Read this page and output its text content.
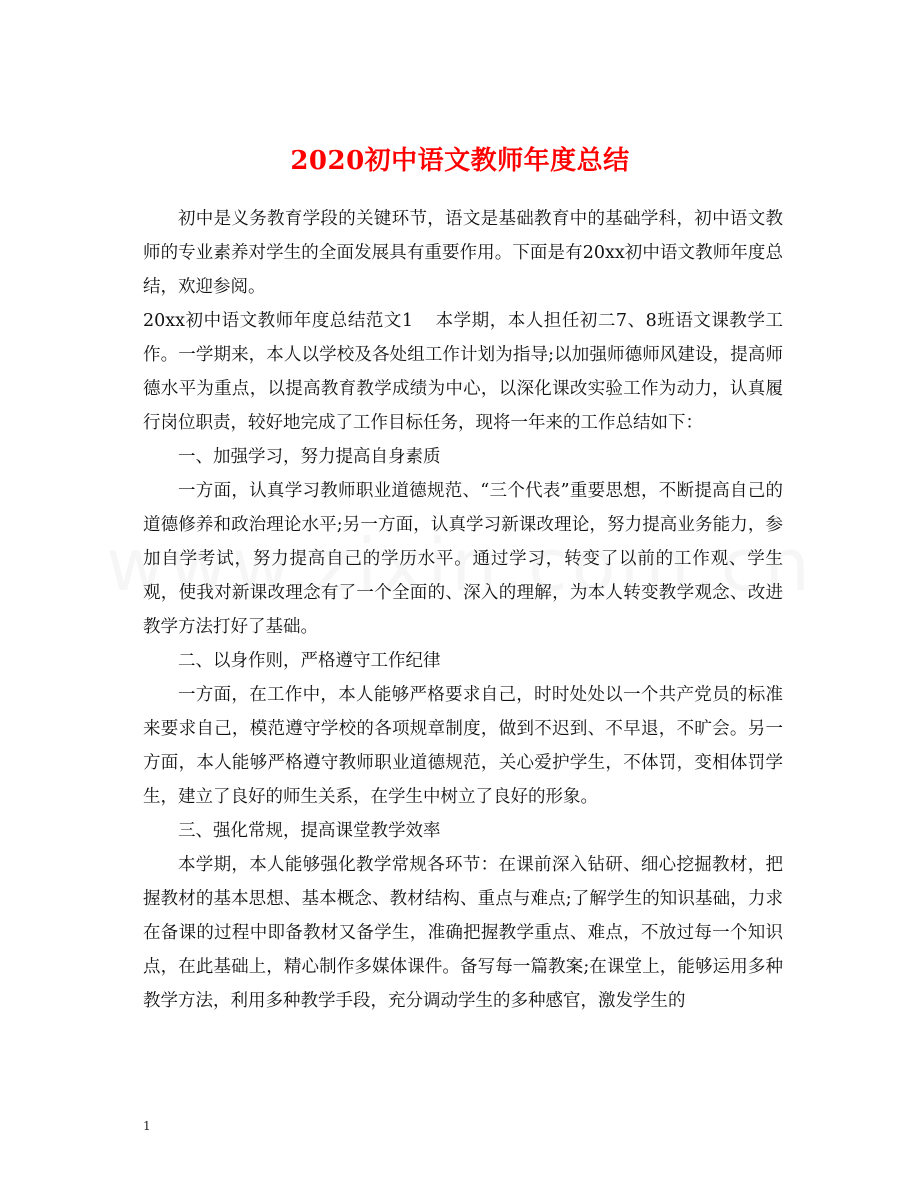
2020初中语文教师年度总结

初中是义务教育学段的关键环节，语文是基础教育中的基础学科，初中语文教师的专业素养对学生的全面发展具有重要作用。下面是有20xx初中语文教师年度总结，欢迎参阅。

20xx初中语文教师年度总结范文1 本学期，本人担任初二7、8班语文课教学工作。一学期来，本人以学校及各处组工作计划为指导;以加强师德师风建设，提高师德水平为重点，以提高教育教学成绩为中心，以深化课改实验工作为动力，认真履行岗位职责，较好地完成了工作目标任务，现将一年来的工作总结如下：

一、加强学习，努力提高自身素质

一方面，认真学习教师职业道德规范、“三个代表”重要思想，不断提高自己的道德修养和政治理论水平;另一方面，认真学习新课改理论，努力提高业务能力，参加自学考试，努力提高自己的学历水平。通过学习，转变了以前的工作观、学生观，使我对新课改理念有了一个全面的、深入的理解，为本人转变教学观念、改进教学方法打好了基础。

二、以身作则，严格遵守工作纪律

一方面，在工作中，本人能够严格要求自己，时时处处以一个共产党员的标准来要求自己，模范遵守学校的各项规章制度，做到不迟到、不早退，不旷会。另一方面，本人能够严格遵守教师职业道德规范，关心爱护学生，不体罚，变相体罚学生，建立了良好的师生关系，在学生中树立了良好的形象。

三、强化常规，提高课堂教学效率

本学期，本人能够强化教学常规各环节：在课前深入钻研、细心挖掘教材，把握教材的基本思想、基本概念、教材结构、重点与难点;了解学生的知识基础，力求在备课的过程中即备教材又备学生，准确把握教学重点、难点，不放过每一个知识点，在此基础上，精心制作多媒体课件。备写每一篇教案;在课堂上，能够运用多种教学方法，利用多种教学手段，充分调动学生的多种感官，激发学生的

1
